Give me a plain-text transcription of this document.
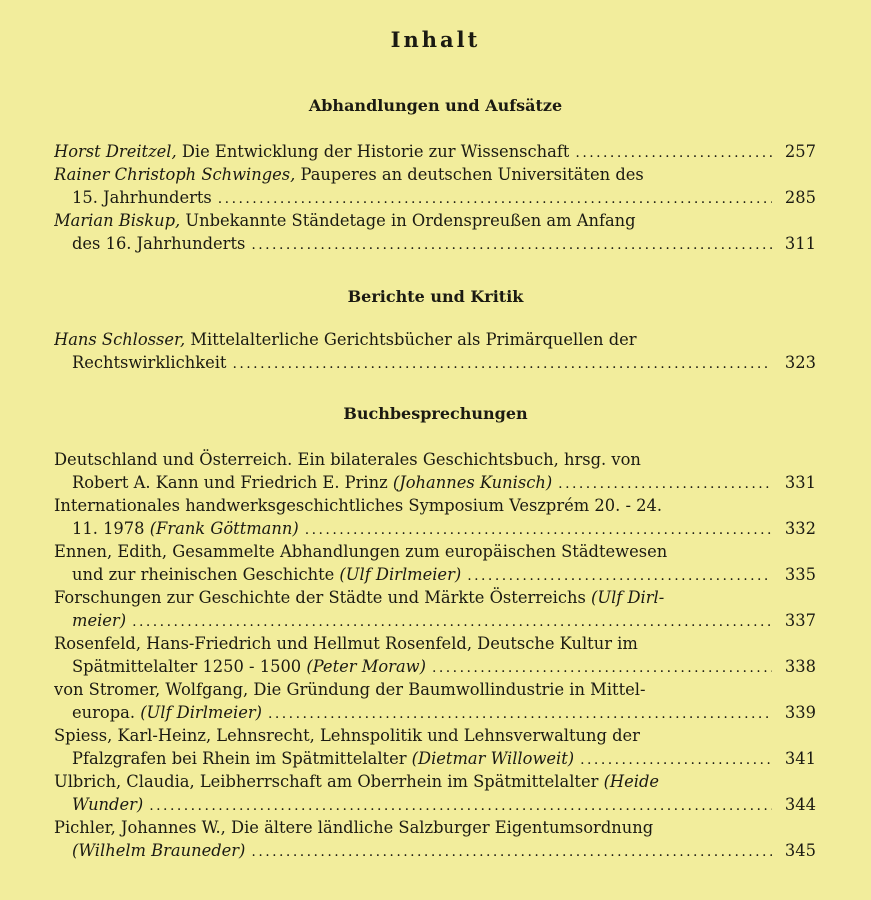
Inhalt
Abhandlungen und Aufsätze
Horst Dreitzel, Die Entwicklung der Historie zur Wissenschaft . . .	257
Rainer Christoph Schwinges, Pauperes an deutschen Universitäten des
15. Jahrhunderts . . .	285
Marian Biskup, Unbekannte Ständetage in Ordenspreußen am Anfang
des 16. Jahrhunderts . . .	311
Berichte und Kritik
Hans Schlosser, Mittelalterliche Gerichtsbücher als Primärquellen der
Rechtswirklichkeit . . .	323
Buchbesprechungen
Deutschland und Österreich. Ein bilaterales Geschichtsbuch, hrsg. von
Robert A. Kann und Friedrich E. Prinz (Johannes Kunisch) . . .	331
Internationales handwerksgeschichtliches Symposium Veszprém 20. - 24.
11. 1978 (Frank Göttmann) . . .	332
Ennen, Edith, Gesammelte Abhandlungen zum europäischen Städtewesen
und zur rheinischen Geschichte (Ulf Dirlmeier) . . .	335
Forschungen zur Geschichte der Städte und Märkte Österreichs (Ulf Dirl-
meier) . . .	337
Rosenfeld, Hans-Friedrich und Hellmut Rosenfeld, Deutsche Kultur im
Spätmittelalter 1250 - 1500 (Peter Moraw) . . .	338
von Stromer, Wolfgang, Die Gründung der Baumwollindustrie in Mittel-
europa. (Ulf Dirlmeier) . . .	339
Spiess, Karl-Heinz, Lehnsrecht, Lehnspolitik und Lehnsverwaltung der
Pfalzgrafen bei Rhein im Spätmittelalter (Dietmar Willoweit) . . .	341
Ulbrich, Claudia, Leibherrschaft am Oberrhein im Spätmittelalter (Heide
Wunder) . . .	344
Pichler, Johannes W., Die ältere ländliche Salzburger Eigentumsordnung
(Wilhelm Brauneder) . . .	345
